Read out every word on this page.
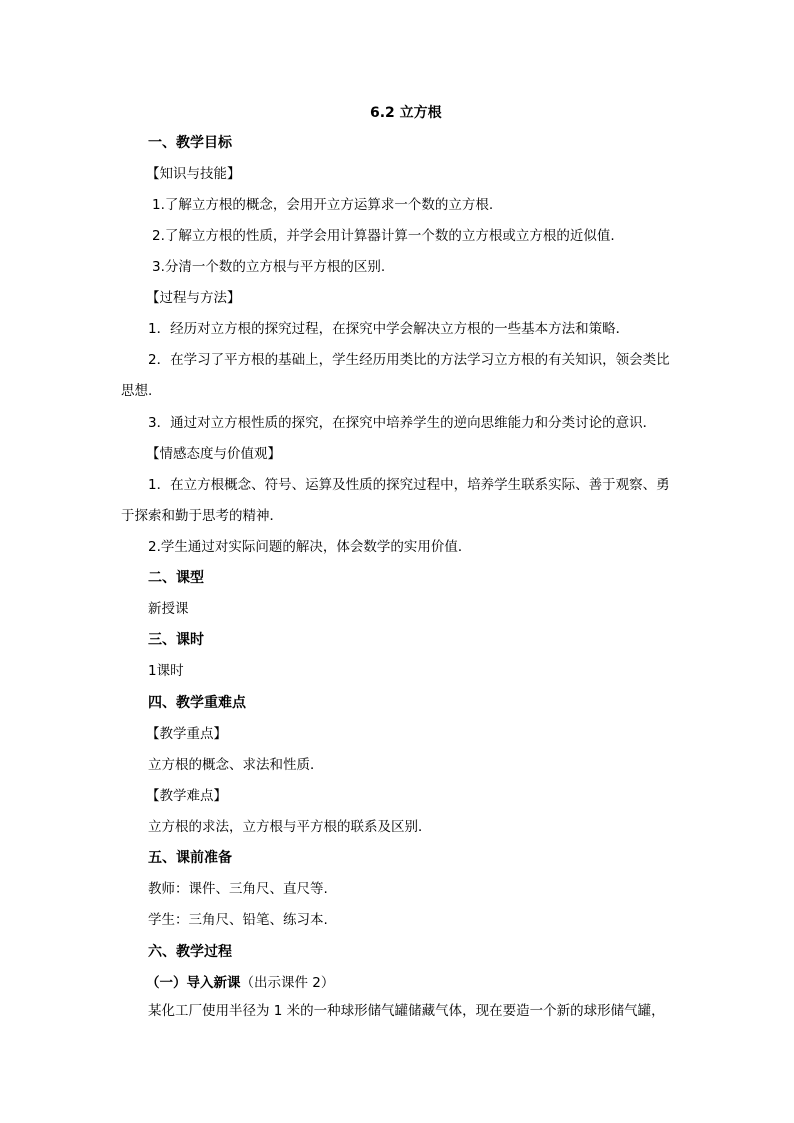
6.2 立方根
一、教学目标
【知识与技能】
1.了解立方根的概念，会用开立方运算求一个数的立方根.
2.了解立方根的性质，并学会用计算器计算一个数的立方根或立方根的近似值.
3.分清一个数的立方根与平方根的区别.
【过程与方法】
1．经历对立方根的探究过程，在探究中学会解决立方根的一些基本方法和策略．
2．在学习了平方根的基础上，学生经历用类比的方法学习立方根的有关知识，领会类比
思想.
3．通过对立方根性质的探究，在探究中培养学生的逆向思维能力和分类讨论的意识．
【情感态度与价值观】
1．在立方根概念、符号、运算及性质的探究过程中，培养学生联系实际、善于观察、勇
于探索和勤于思考的精神．
2.学生通过对实际问题的解决，体会数学的实用价值．
二、课型
新授课
三、课时
1课时
四、教学重难点
【教学重点】
立方根的概念、求法和性质．
【教学难点】
立方根的求法，立方根与平方根的联系及区别．
五、课前准备
教师：课件、三角尺、直尺等.
学生：三角尺、铅笔、练习本.
六、教学过程
（一）导入新课（出示课件 2）
某化工厂使用半径为 1 米的一种球形储气罐储藏气体，现在要造一个新的球形储气罐，
